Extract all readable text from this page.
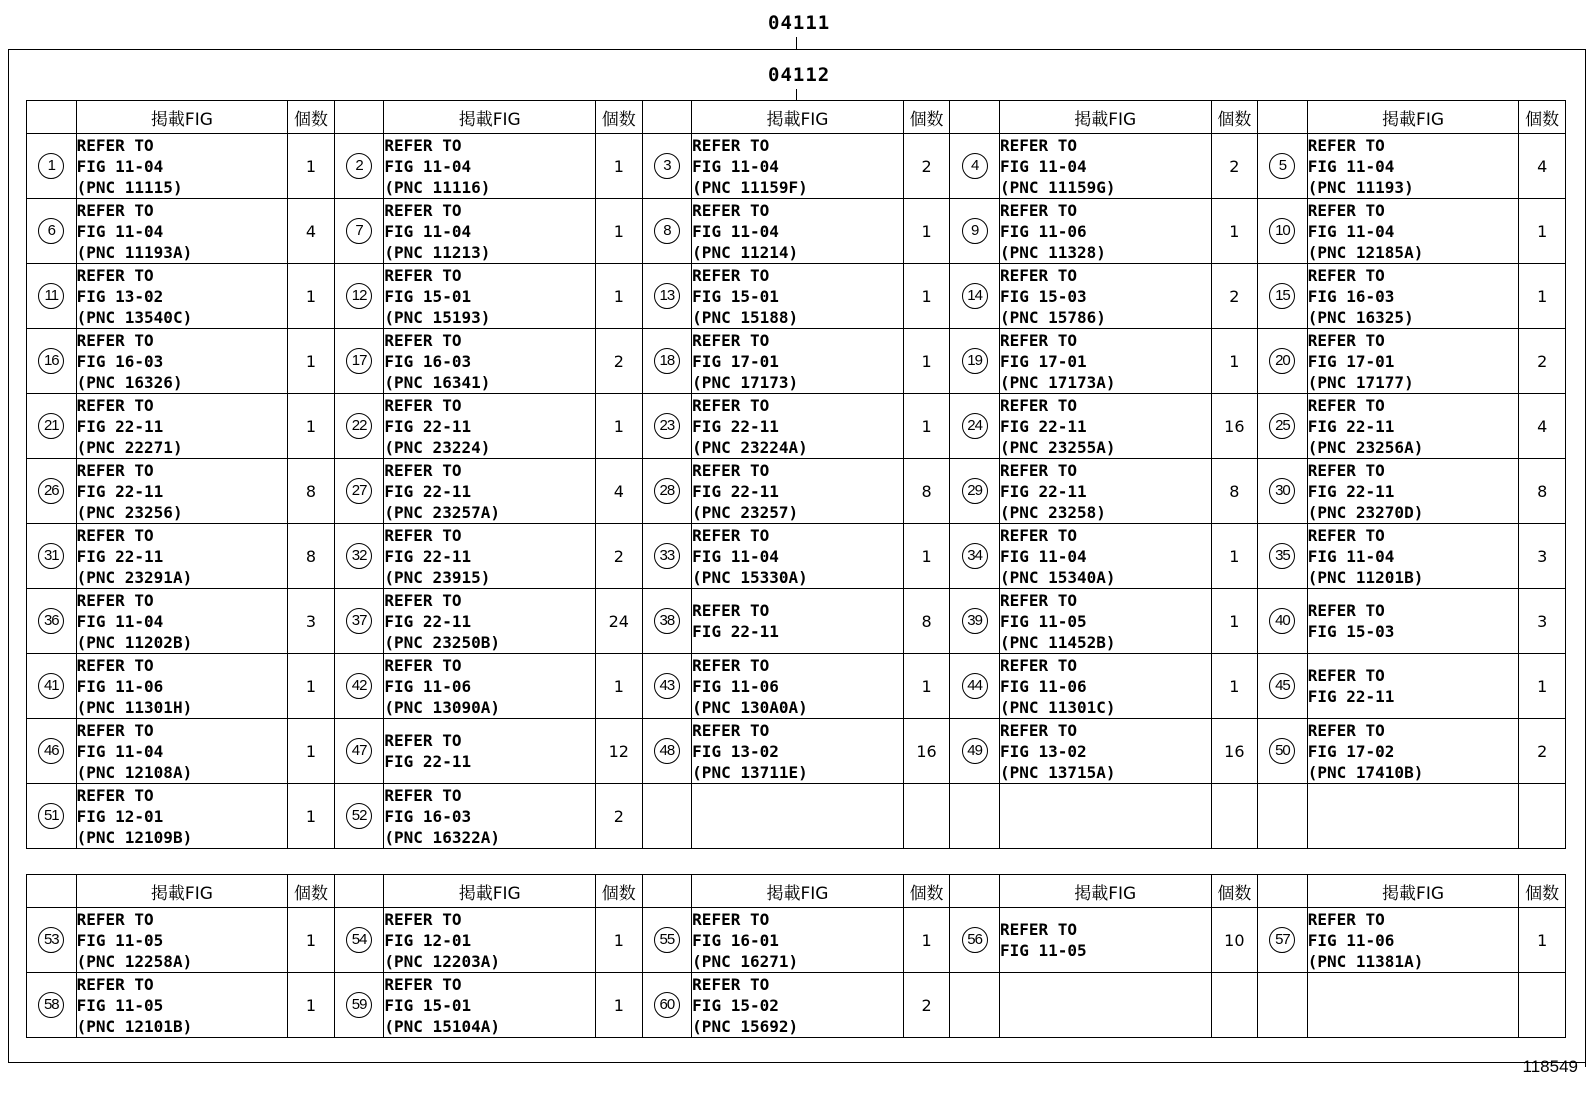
04111
04112
	掲載FIG	個数		掲載FIG	個数		掲載FIG	個数		掲載FIG	個数		掲載FIG	個数
1	REFER TO
FIG 11-04
(PNC 11115)	1	2	REFER TO
FIG 11-04
(PNC 11116)	1	3	REFER TO
FIG 11-04
(PNC 11159F)	2	4	REFER TO
FIG 11-04
(PNC 11159G)	2	5	REFER TO
FIG 11-04
(PNC 11193)	4
6	REFER TO
FIG 11-04
(PNC 11193A)	4	7	REFER TO
FIG 11-04
(PNC 11213)	1	8	REFER TO
FIG 11-04
(PNC 11214)	1	9	REFER TO
FIG 11-06
(PNC 11328)	1	10	REFER TO
FIG 11-04
(PNC 12185A)	1
11	REFER TO
FIG 13-02
(PNC 13540C)	1	12	REFER TO
FIG 15-01
(PNC 15193)	1	13	REFER TO
FIG 15-01
(PNC 15188)	1	14	REFER TO
FIG 15-03
(PNC 15786)	2	15	REFER TO
FIG 16-03
(PNC 16325)	1
16	REFER TO
FIG 16-03
(PNC 16326)	1	17	REFER TO
FIG 16-03
(PNC 16341)	2	18	REFER TO
FIG 17-01
(PNC 17173)	1	19	REFER TO
FIG 17-01
(PNC 17173A)	1	20	REFER TO
FIG 17-01
(PNC 17177)	2
21	REFER TO
FIG 22-11
(PNC 22271)	1	22	REFER TO
FIG 22-11
(PNC 23224)	1	23	REFER TO
FIG 22-11
(PNC 23224A)	1	24	REFER TO
FIG 22-11
(PNC 23255A)	16	25	REFER TO
FIG 22-11
(PNC 23256A)	4
26	REFER TO
FIG 22-11
(PNC 23256)	8	27	REFER TO
FIG 22-11
(PNC 23257A)	4	28	REFER TO
FIG 22-11
(PNC 23257)	8	29	REFER TO
FIG 22-11
(PNC 23258)	8	30	REFER TO
FIG 22-11
(PNC 23270D)	8
31	REFER TO
FIG 22-11
(PNC 23291A)	8	32	REFER TO
FIG 22-11
(PNC 23915)	2	33	REFER TO
FIG 11-04
(PNC 15330A)	1	34	REFER TO
FIG 11-04
(PNC 15340A)	1	35	REFER TO
FIG 11-04
(PNC 11201B)	3
36	REFER TO
FIG 11-04
(PNC 11202B)	3	37	REFER TO
FIG 22-11
(PNC 23250B)	24	38	REFER TO
FIG 22-11	8	39	REFER TO
FIG 11-05
(PNC 11452B)	1	40	REFER TO
FIG 15-03	3
41	REFER TO
FIG 11-06
(PNC 11301H)	1	42	REFER TO
FIG 11-06
(PNC 13090A)	1	43	REFER TO
FIG 11-06
(PNC 130A0A)	1	44	REFER TO
FIG 11-06
(PNC 11301C)	1	45	REFER TO
FIG 22-11	1
46	REFER TO
FIG 11-04
(PNC 12108A)	1	47	REFER TO
FIG 22-11	12	48	REFER TO
FIG 13-02
(PNC 13711E)	16	49	REFER TO
FIG 13-02
(PNC 13715A)	16	50	REFER TO
FIG 17-02
(PNC 17410B)	2
51	REFER TO
FIG 12-01
(PNC 12109B)	1	52	REFER TO
FIG 16-03
(PNC 16322A)	2									
	掲載FIG	個数		掲載FIG	個数		掲載FIG	個数		掲載FIG	個数		掲載FIG	個数
53	REFER TO
FIG 11-05
(PNC 12258A)	1	54	REFER TO
FIG 12-01
(PNC 12203A)	1	55	REFER TO
FIG 16-01
(PNC 16271)	1	56	REFER TO
FIG 11-05	10	57	REFER TO
FIG 11-06
(PNC 11381A)	1
58	REFER TO
FIG 11-05
(PNC 12101B)	1	59	REFER TO
FIG 15-01
(PNC 15104A)	1	60	REFER TO
FIG 15-02
(PNC 15692)	2						
118549
